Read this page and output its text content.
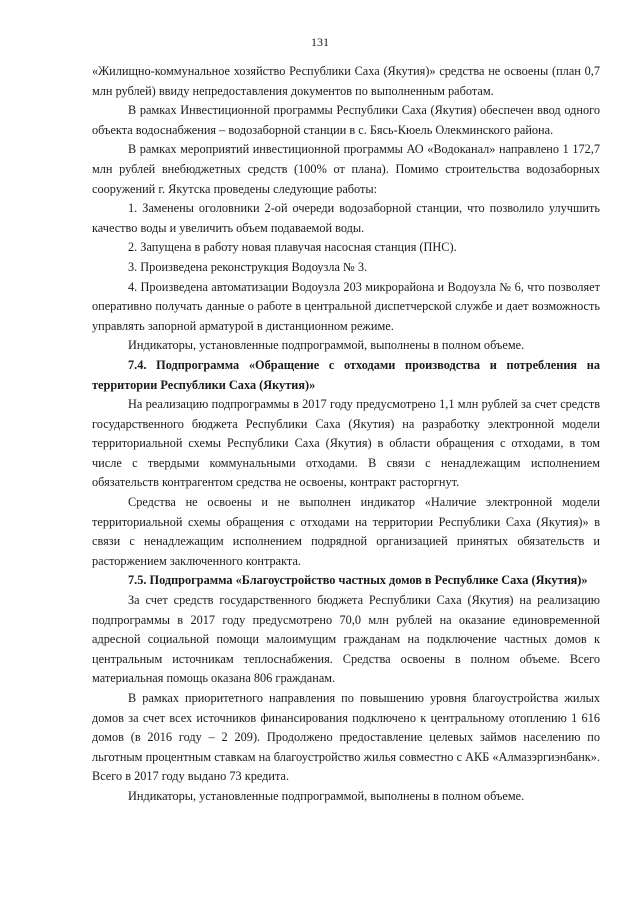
131

«Жилищно-коммунальное хозяйство Республики Саха (Якутия)» средства не освоены (план 0,7 млн рублей) ввиду непредоставления документов по выполненным работам.

В рамках Инвестиционной программы Республики Саха (Якутия) обеспечен ввод одного объекта водоснабжения – водозаборной станции в с. Бясь-Кюель Олекминского района.

В рамках мероприятий инвестиционной программы АО «Водоканал» направлено 1 172,7 млн рублей внебюджетных средств (100% от плана). Помимо строительства водозаборных сооружений г. Якутска проведены следующие работы:

1. Заменены оголовники 2-ой очереди водозаборной станции, что позволило улучшить качество воды и увеличить объем подаваемой воды.

2. Запущена в работу новая плавучая насосная станция (ПНС).

3. Произведена реконструкция Водоузла № 3.

4. Произведена автоматизации Водоузла 203 микрорайона и Водоузла № 6, что позволяет оперативно получать данные о работе в центральной диспетчерской службе и дает возможность управлять запорной арматурой в дистанционном режиме.

Индикаторы, установленные подпрограммой, выполнены в полном объеме.

7.4. Подпрограмма «Обращение с отходами производства и потребления на территории Республики Саха (Якутия)»

На реализацию подпрограммы в 2017 году предусмотрено 1,1 млн рублей за счет средств государственного бюджета Республики Саха (Якутия) на разработку электронной модели территориальной схемы Республики Саха (Якутия) в области обращения с отходами, в том числе с твердыми коммунальными отходами. В связи с ненадлежащим исполнением обязательств контрагентом средства не освоены, контракт расторгнут.

Средства не освоены и не выполнен индикатор «Наличие электронной модели территориальной схемы обращения с отходами на территории Республики Саха (Якутия)» в связи с ненадлежащим исполнением подрядной организацией принятых обязательств и расторжением заключенного контракта.

7.5. Подпрограмма «Благоустройство частных домов в Республике Саха (Якутия)»

За счет средств государственного бюджета Республики Саха (Якутия) на реализацию подпрограммы в 2017 году предусмотрено 70,0 млн рублей на оказание единовременной адресной социальной помощи малоимущим гражданам на подключение частных домов к центральным источникам теплоснабжения. Средства освоены в полном объеме. Всего материальная помощь оказана 806 гражданам.

В рамках приоритетного направления по повышению уровня благоустройства жилых домов за счет всех источников финансирования подключено к центральному отоплению 1 616 домов (в 2016 году – 2 209). Продолжено предоставление целевых займов населению по льготным процентным ставкам на благоустройство жилья совместно с АКБ «Алмазэргиэнбанк». Всего в 2017 году выдано 73 кредита.

Индикаторы, установленные подпрограммой, выполнены в полном объеме.
